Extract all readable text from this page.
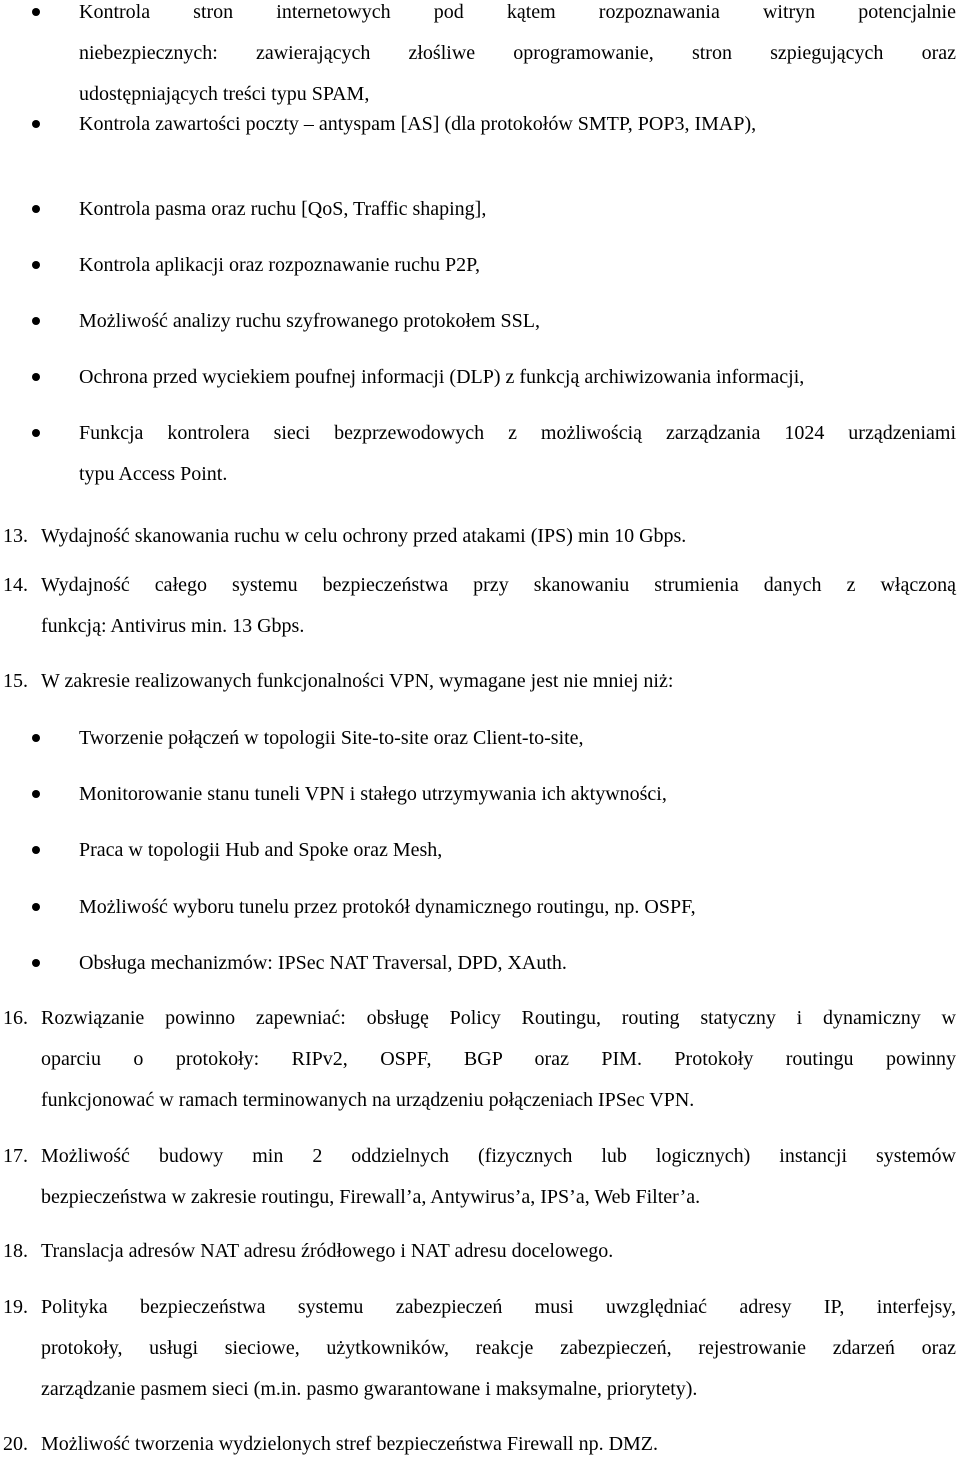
Kontrola stron internetowych pod kątem rozpoznawania witryn potencjalnie
niebezpiecznych: zawierających złośliwe oprogramowanie, stron szpiegujących oraz
udostępniających treści typu SPAM,
Kontrola zawartości poczty – antyspam [AS] (dla protokołów SMTP, POP3, IMAP),
Kontrola pasma oraz ruchu [QoS, Traffic shaping],
Kontrola aplikacji oraz rozpoznawanie ruchu P2P,
Możliwość analizy ruchu szyfrowanego protokołem SSL,
Ochrona przed wyciekiem poufnej informacji (DLP) z funkcją archiwizowania informacji,
Funkcja kontrolera sieci bezprzewodowych z możliwością zarządzania 1024 urządzeniami
typu Access Point.
13. Wydajność skanowania ruchu w celu ochrony przed atakami (IPS) min 10 Gbps.
14. Wydajność całego systemu bezpieczeństwa przy skanowaniu strumienia danych z włączoną
funkcją: Antivirus min. 13 Gbps.
15. W zakresie realizowanych funkcjonalności VPN, wymagane jest nie mniej niż:
Tworzenie połączeń w topologii Site-to-site oraz Client-to-site,
Monitorowanie stanu tuneli VPN i stałego utrzymywania ich aktywności,
Praca w topologii Hub and Spoke oraz Mesh,
Możliwość wyboru tunelu przez protokół dynamicznego routingu, np. OSPF,
Obsługa mechanizmów: IPSec NAT Traversal, DPD, XAuth.
16. Rozwiązanie powinno zapewniać: obsługę Policy Routingu, routing statyczny i dynamiczny w
oparciu o protokoły: RIPv2, OSPF, BGP oraz PIM. Protokoły routingu powinny
funkcjonować w ramach terminowanych na urządzeniu połączeniach IPSec VPN.
17. Możliwość budowy min 2 oddzielnych (fizycznych lub logicznych) instancji systemów
bezpieczeństwa w zakresie routingu, Firewall’a, Antywirus’a, IPS’a, Web Filter’a.
18. Translacja adresów NAT adresu źródłowego i NAT adresu docelowego.
19. Polityka bezpieczeństwa systemu zabezpieczeń musi uwzględniać adresy IP, interfejsy,
protokoły, usługi sieciowe, użytkowników, reakcje zabezpieczeń, rejestrowanie zdarzeń oraz
zarządzanie pasmem sieci (m.in. pasmo gwarantowane i maksymalne, priorytety).
20. Możliwość tworzenia wydzielonych stref bezpieczeństwa Firewall np. DMZ.
